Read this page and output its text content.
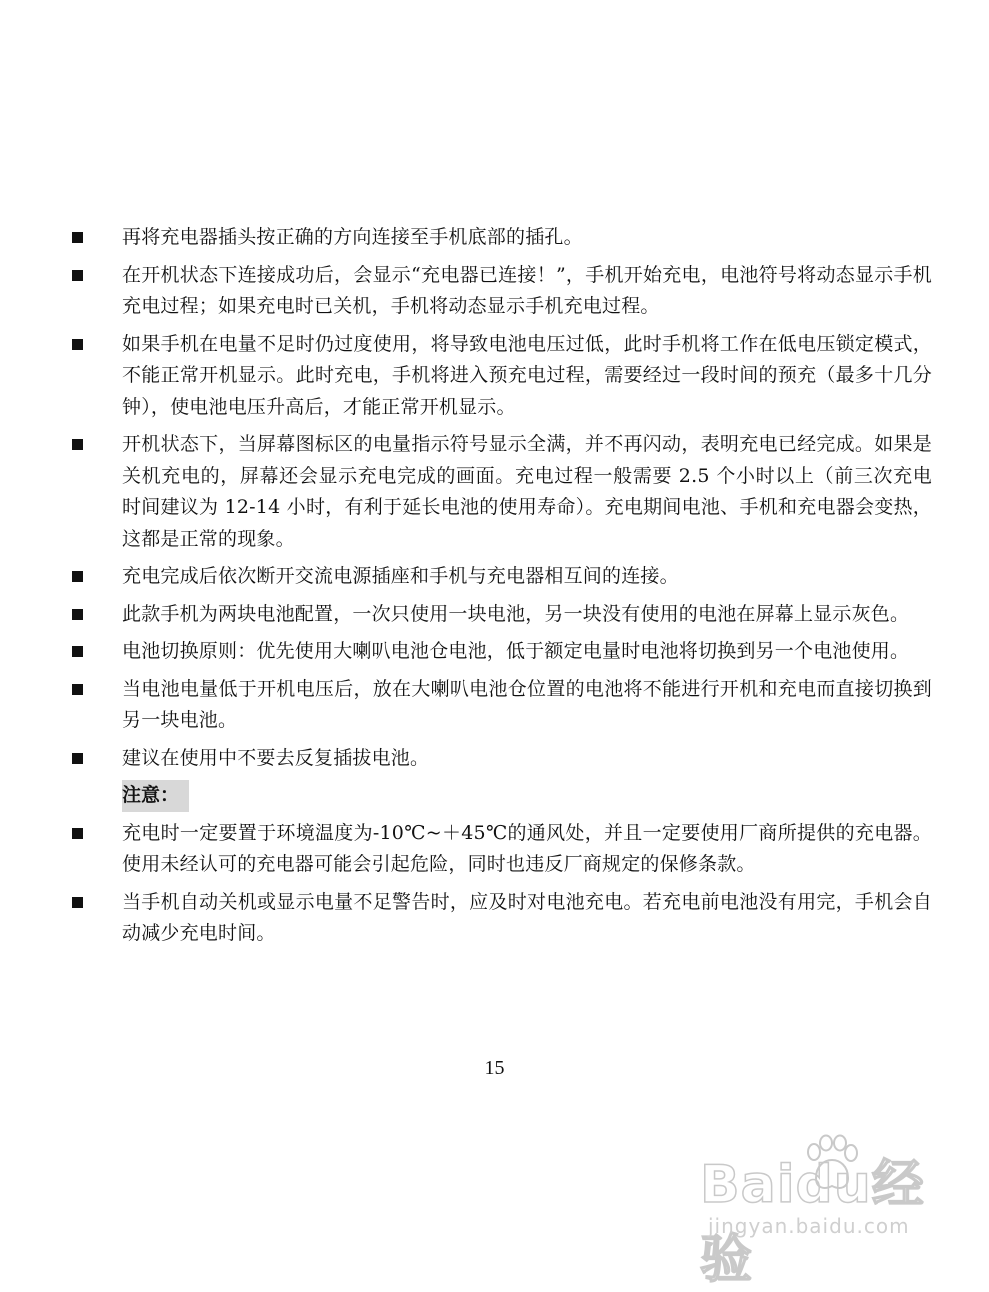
再将充电器插头按正确的方向连接至手机底部的插孔。
在开机状态下连接成功后，会显示“充电器已连接！”，手机开始充电，电池符号将动态显示手机充电过程；如果充电时已关机，手机将动态显示手机充电过程。
如果手机在电量不足时仍过度使用，将导致电池电压过低，此时手机将工作在低电压锁定模式，不能正常开机显示。此时充电，手机将进入预充电过程，需要经过一段时间的预充（最多十几分钟），使电池电压升高后，才能正常开机显示。
开机状态下，当屏幕图标区的电量指示符号显示全满，并不再闪动，表明充电已经完成。如果是关机充电的，屏幕还会显示充电完成的画面。充电过程一般需要 2.5 个小时以上（前三次充电时间建议为 12-14 小时，有利于延长电池的使用寿命）。充电期间电池、手机和充电器会变热，这都是正常的现象。
充电完成后依次断开交流电源插座和手机与充电器相互间的连接。
此款手机为两块电池配置，一次只使用一块电池，另一块没有使用的电池在屏幕上显示灰色。
电池切换原则：优先使用大喇叭电池仓电池，低于额定电量时电池将切换到另一个电池使用。
当电池电量低于开机电压后，放在大喇叭电池仓位置的电池将不能进行开机和充电而直接切换到另一块电池。
建议在使用中不要去反复插拔电池。
注意：
充电时一定要置于环境温度为-10℃~＋45℃的通风处，并且一定要使用厂商所提供的充电器。使用未经认可的充电器可能会引起危险，同时也违反厂商规定的保修条款。
当手机自动关机或显示电量不足警告时，应及时对电池充电。若充电前电池没有用完，手机会自动减少充电时间。
15
Baidu经验
jingyan.baidu.com
